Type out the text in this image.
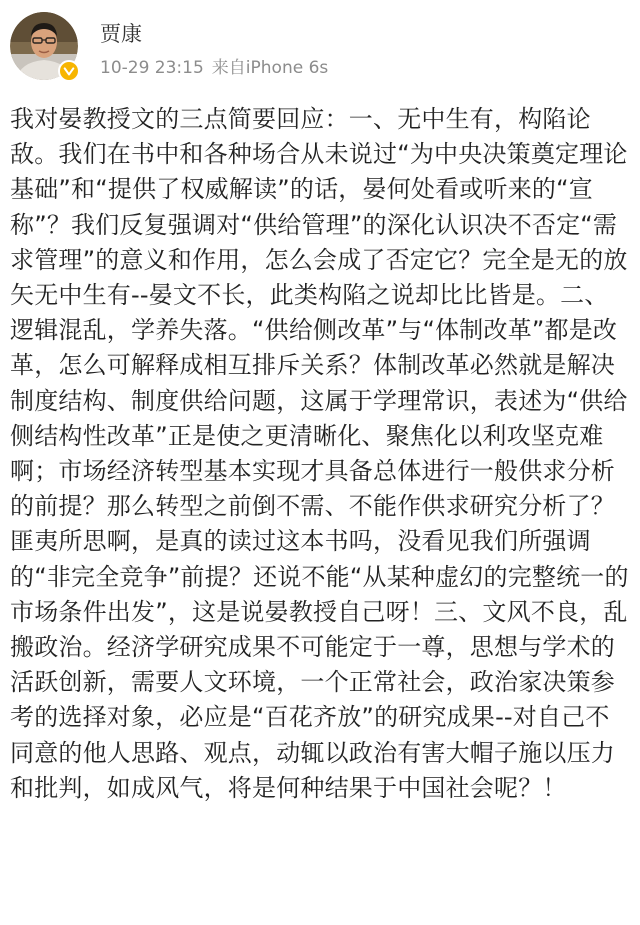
贾康
10-29 23:15 来自iPhone 6s

我对晏教授文的三点简要回应：一、无中生有，构陷论敌。我们在书中和各种场合从未说过“为中央决策奠定理论基础”和“提供了权威解读”的话，晏何处看或听来的“宣称”？我们反复强调对“供给管理”的深化认识决不否定“需求管理”的意义和作用，怎么会成了否定它？完全是无的放矢无中生有--晏文不长，此类构陷之说却比比皆是。二、逻辑混乱，学养失落。“供给侧改革”与“体制改革”都是改革，怎么可解释成相互排斥关系？体制改革必然就是解决制度结构、制度供给问题，这属于学理常识，表述为“供给侧结构性改革”正是使之更清晰化、聚焦化以利攻坚克难啊；市场经济转型基本实现才具备总体进行一般供求分析的前提？那么转型之前倒不需、不能作供求研究分析了？匪夷所思啊，是真的读过这本书吗，没看见我们所强调的“非完全竞争”前提？还说不能“从某种虚幻的完整统一的市场条件出发”，这是说晏教授自己呀！三、文风不良，乱搬政治。经济学研究成果不可能定于一尊，思想与学术的活跃创新，需要人文环境，一个正常社会，政治家决策参考的选择对象，必应是“百花齐放”的研究成果--对自己不同意的他人思路、观点，动辄以政治有害大帽子施以压力和批判，如成风气，将是何种结果于中国社会呢？！
